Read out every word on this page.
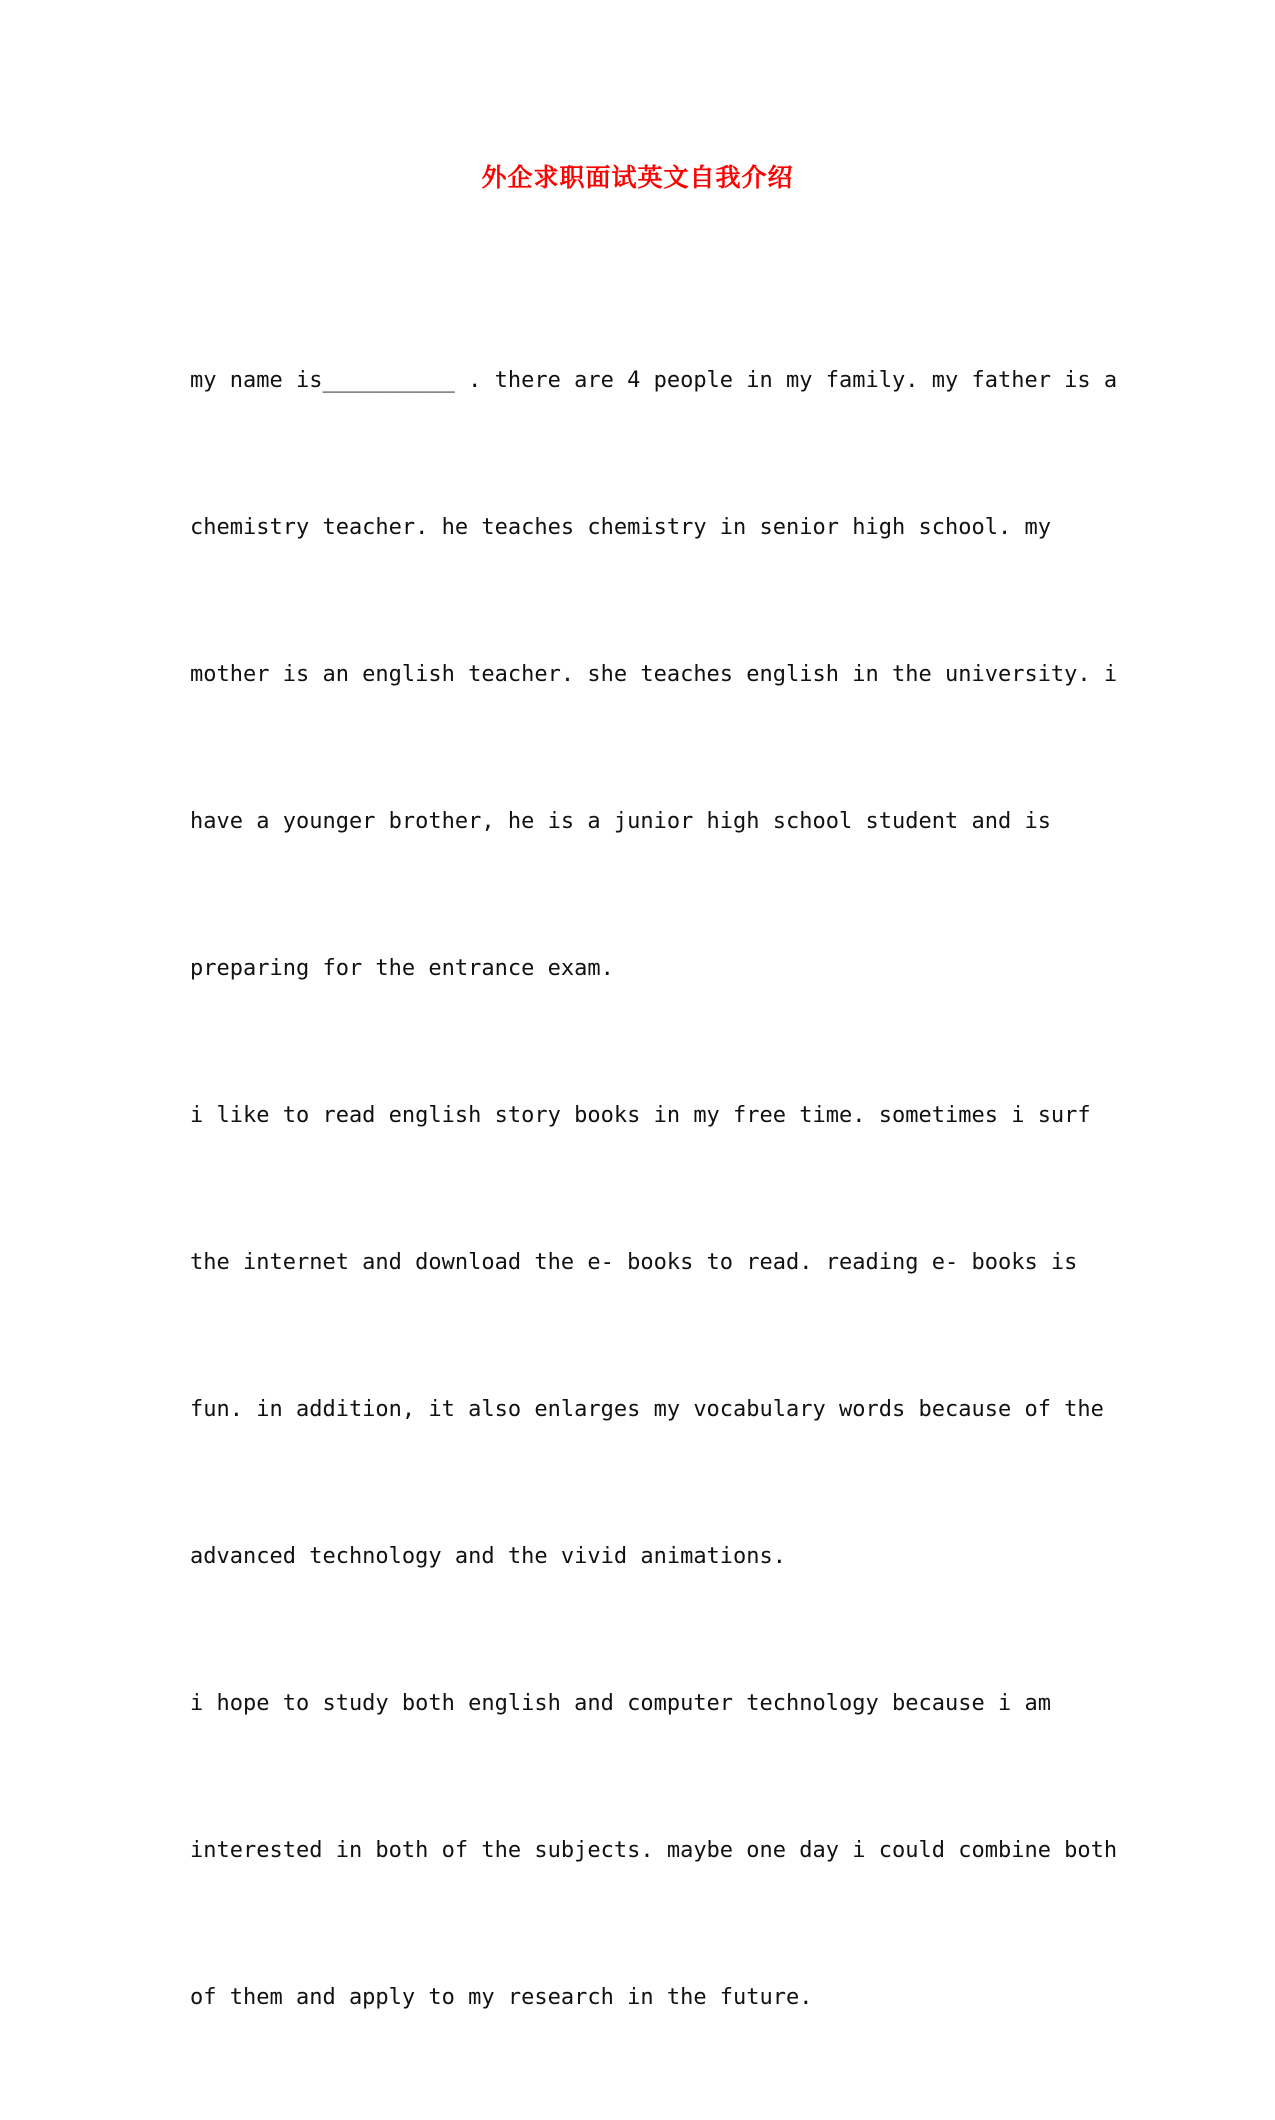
外企求职面试英文自我介绍

my name is__________ . there are 4 people in my family. my father is a

chemistry teacher. he teaches chemistry in senior high school. my

mother is an english teacher. she teaches english in the university. i

have a younger brother, he is a junior high school student and is

preparing for the entrance exam.

i like to read english story books in my free time. sometimes i surf

the internet and download the e- books to read. reading e- books is

fun. in addition, it also enlarges my vocabulary words because of the

advanced technology and the vivid animations.

i hope to study both english and computer technology because i am

interested in both of the subjects. maybe one day i could combine both

of them and apply to my research in the future.
